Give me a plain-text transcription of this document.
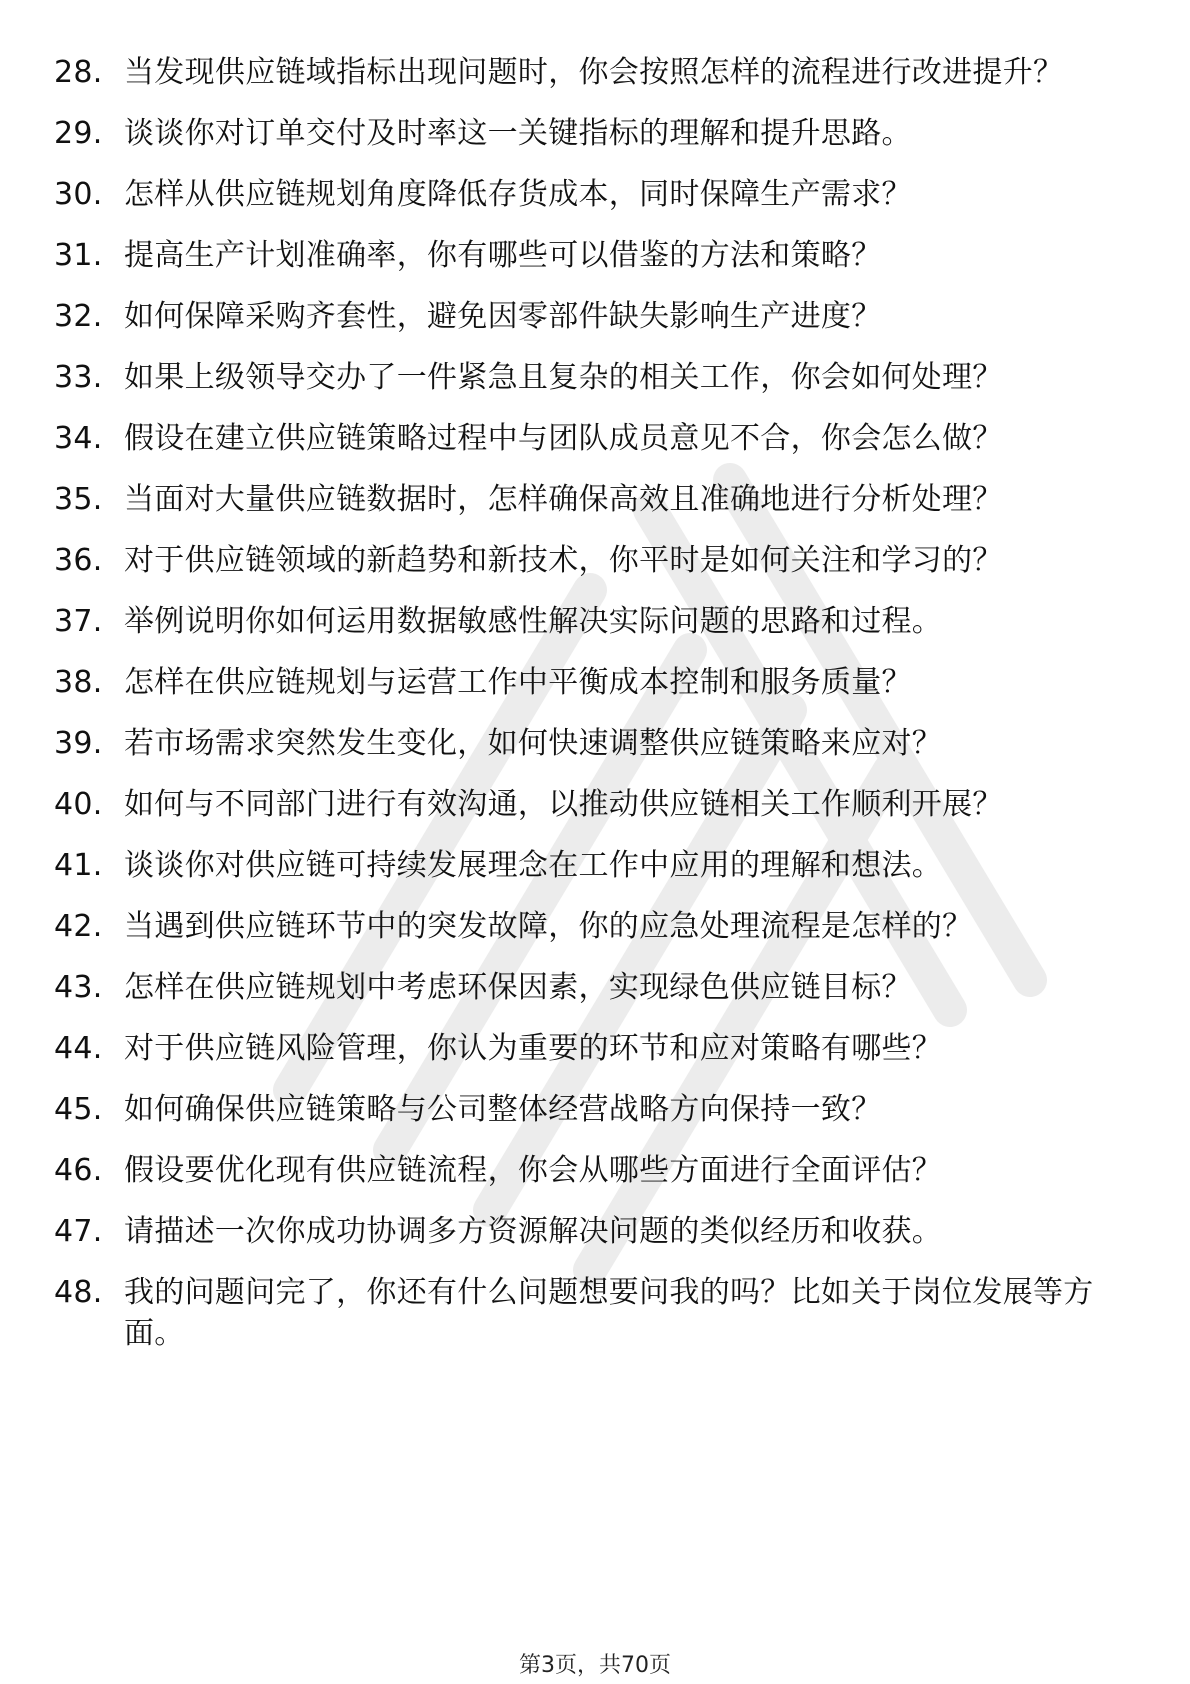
28. 当发现供应链域指标出现问题时，你会按照怎样的流程进行改进提升？
29. 谈谈你对订单交付及时率这一关键指标的理解和提升思路。
30. 怎样从供应链规划角度降低存货成本，同时保障生产需求？
31. 提高生产计划准确率，你有哪些可以借鉴的方法和策略？
32. 如何保障采购齐套性，避免因零部件缺失影响生产进度？
33. 如果上级领导交办了一件紧急且复杂的相关工作，你会如何处理？
34. 假设在建立供应链策略过程中与团队成员意见不合，你会怎么做？
35. 当面对大量供应链数据时，怎样确保高效且准确地进行分析处理？
36. 对于供应链领域的新趋势和新技术，你平时是如何关注和学习的？
37. 举例说明你如何运用数据敏感性解决实际问题的思路和过程。
38. 怎样在供应链规划与运营工作中平衡成本控制和服务质量？
39. 若市场需求突然发生变化，如何快速调整供应链策略来应对？
40. 如何与不同部门进行有效沟通，以推动供应链相关工作顺利开展？
41. 谈谈你对供应链可持续发展理念在工作中应用的理解和想法。
42. 当遇到供应链环节中的突发故障，你的应急处理流程是怎样的？
43. 怎样在供应链规划中考虑环保因素，实现绿色供应链目标？
44. 对于供应链风险管理，你认为重要的环节和应对策略有哪些？
45. 如何确保供应链策略与公司整体经营战略方向保持一致？
46. 假设要优化现有供应链流程，你会从哪些方面进行全面评估？
47. 请描述一次你成功协调多方资源解决问题的类似经历和收获。
48. 我的问题问完了，你还有什么问题想要问我的吗？比如关于岗位发展等方面。
第3页，共70页
